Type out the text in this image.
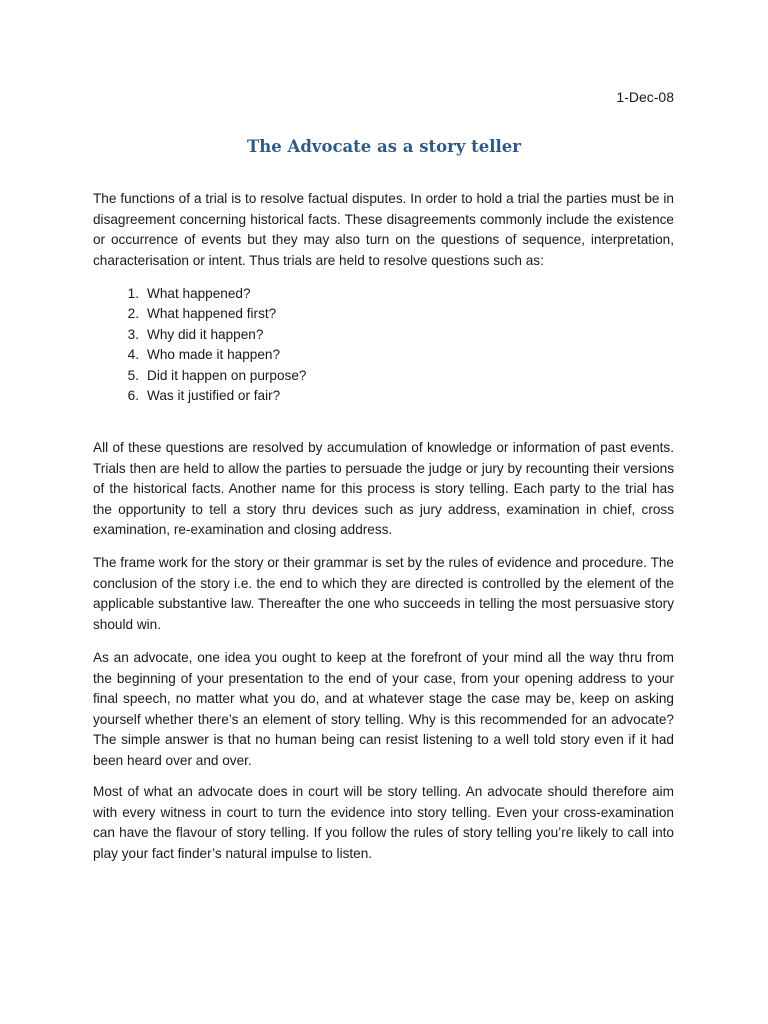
1-Dec-08
The Advocate as a story teller

The functions of a trial is to resolve factual disputes. In order to hold a trial the parties must be in disagreement concerning historical facts. These disagreements commonly include the existence or occurrence of events but they may also turn on the questions of sequence, interpretation, characterisation or intent. Thus trials are held to resolve questions such as:

1. What happened?
2. What happened first?
3. Why did it happen?
4. Who made it happen?
5. Did it happen on purpose?
6. Was it justified or fair?

All of these questions are resolved by accumulation of knowledge or information of past events. Trials then are held to allow the parties to persuade the judge or jury by recounting their versions of the historical facts. Another name for this process is story telling. Each party to the trial has the opportunity to tell a story thru devices such as jury address, examination in chief, cross examination, re-examination and closing address.

The frame work for the story or their grammar is set by the rules of evidence and procedure. The conclusion of the story i.e. the end to which they are directed is controlled by the element of the applicable substantive law. Thereafter the one who succeeds in telling the most persuasive story should win.

As an advocate, one idea you ought to keep at the forefront of your mind all the way thru from the beginning of your presentation to the end of your case, from your opening address to your final speech, no matter what you do, and at whatever stage the case may be, keep on asking yourself whether there’s an element of story telling. Why is this recommended for an advocate? The simple answer is that no human being can resist listening to a well told story even if it had been heard over and over.

Most of what an advocate does in court will be story telling. An advocate should therefore aim with every witness in court to turn the evidence into story telling. Even your cross-examination can have the flavour of story telling. If you follow the rules of story telling you’re likely to call into play your fact finder’s natural impulse to listen.
